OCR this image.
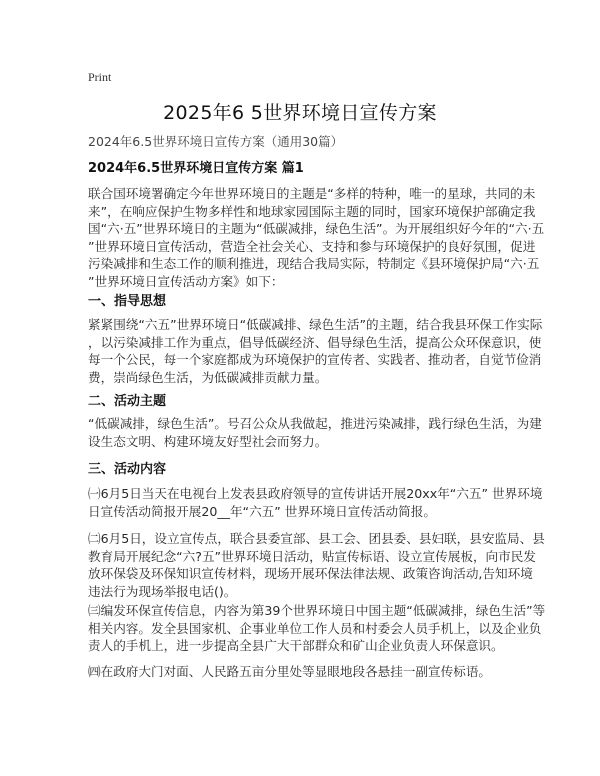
Print
2025年6 5世界环境日宣传方案
2024年6.5世界环境日宣传方案（通用30篇）
2024年6.5世界环境日宣传方案 篇1
联合国环境署确定今年世界环境日的主题是“多样的特种，唯一的星球，共同的未
来”，在响应保护生物多样性和地球家园国际主题的同时，国家环境保护部确定我
国“六·五”世界环境日的主题为“低碳减排，绿色生活”。为开展组织好今年的“六·五
”世界环境日宣传活动，营造全社会关心、支持和参与环境保护的良好氛围，促进
污染减排和生态工作的顺利推进，现结合我局实际，特制定《县环境保护局“六·五
”世界环境日宣传活动方案》如下：
一、指导思想
紧紧围绕“六五”世界环境日“低碳减排、绿色生活”的主题，结合我县环保工作实际
，以污染减排工作为重点，倡导低碳经济、倡导绿色生活，提高公众环保意识，使
每一个公民，每一个家庭都成为环境保护的宣传者、实践者、推动者，自觉节俭消
费，崇尚绿色生活，为低碳减排贡献力量。
二、活动主题
“低碳减排，绿色生活”。号召公众从我做起，推进污染减排，践行绿色生活，为建
设生态文明、构建环境友好型社会而努力。
三、活动内容
㈠6月5日当天在电视台上发表县政府领导的宣传讲话开展20xx年“六五” 世界环境
日宣传活动简报开展20__年“六五” 世界环境日宣传活动简报。
㈡6月5日，设立宣传点，联合县委宣部、县工会、团县委、县妇联，县安监局、县
教育局开展纪念“六?五”世界环境日活动，贴宣传标语、设立宣传展板，向市民发
放环保袋及环保知识宣传材料，现场开展环保法律法规、政策咨询活动,告知环境
违法行为现场举报电话()。
㈢编发环保宣传信息，内容为第39个世界环境日中国主题“低碳减排，绿色生活”等
相关内容。发全县国家机、企事业单位工作人员和村委会人员手机上，以及企业负
责人的手机上，进一步提高全县广大干部群众和矿山企业负责人环保意识。
㈣在政府大门对面、人民路五亩分里处等显眼地段各悬挂一副宣传标语。
